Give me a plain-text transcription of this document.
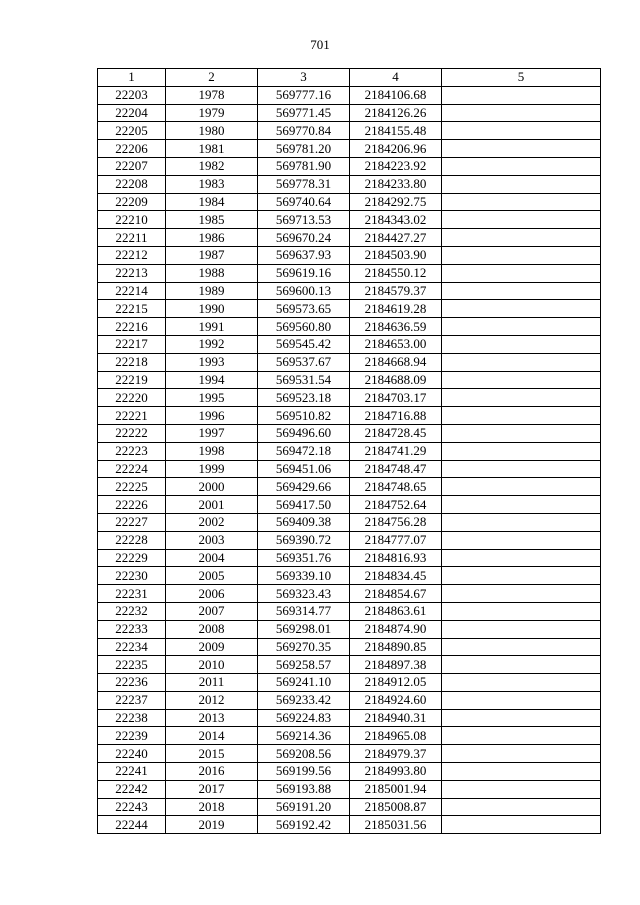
701
1	2	3	4	5
22203	1978	569777.16	2184106.68	
22204	1979	569771.45	2184126.26	
22205	1980	569770.84	2184155.48	
22206	1981	569781.20	2184206.96	
22207	1982	569781.90	2184223.92	
22208	1983	569778.31	2184233.80	
22209	1984	569740.64	2184292.75	
22210	1985	569713.53	2184343.02	
22211	1986	569670.24	2184427.27	
22212	1987	569637.93	2184503.90	
22213	1988	569619.16	2184550.12	
22214	1989	569600.13	2184579.37	
22215	1990	569573.65	2184619.28	
22216	1991	569560.80	2184636.59	
22217	1992	569545.42	2184653.00	
22218	1993	569537.67	2184668.94	
22219	1994	569531.54	2184688.09	
22220	1995	569523.18	2184703.17	
22221	1996	569510.82	2184716.88	
22222	1997	569496.60	2184728.45	
22223	1998	569472.18	2184741.29	
22224	1999	569451.06	2184748.47	
22225	2000	569429.66	2184748.65	
22226	2001	569417.50	2184752.64	
22227	2002	569409.38	2184756.28	
22228	2003	569390.72	2184777.07	
22229	2004	569351.76	2184816.93	
22230	2005	569339.10	2184834.45	
22231	2006	569323.43	2184854.67	
22232	2007	569314.77	2184863.61	
22233	2008	569298.01	2184874.90	
22234	2009	569270.35	2184890.85	
22235	2010	569258.57	2184897.38	
22236	2011	569241.10	2184912.05	
22237	2012	569233.42	2184924.60	
22238	2013	569224.83	2184940.31	
22239	2014	569214.36	2184965.08	
22240	2015	569208.56	2184979.37	
22241	2016	569199.56	2184993.80	
22242	2017	569193.88	2185001.94	
22243	2018	569191.20	2185008.87	
22244	2019	569192.42	2185031.56	
